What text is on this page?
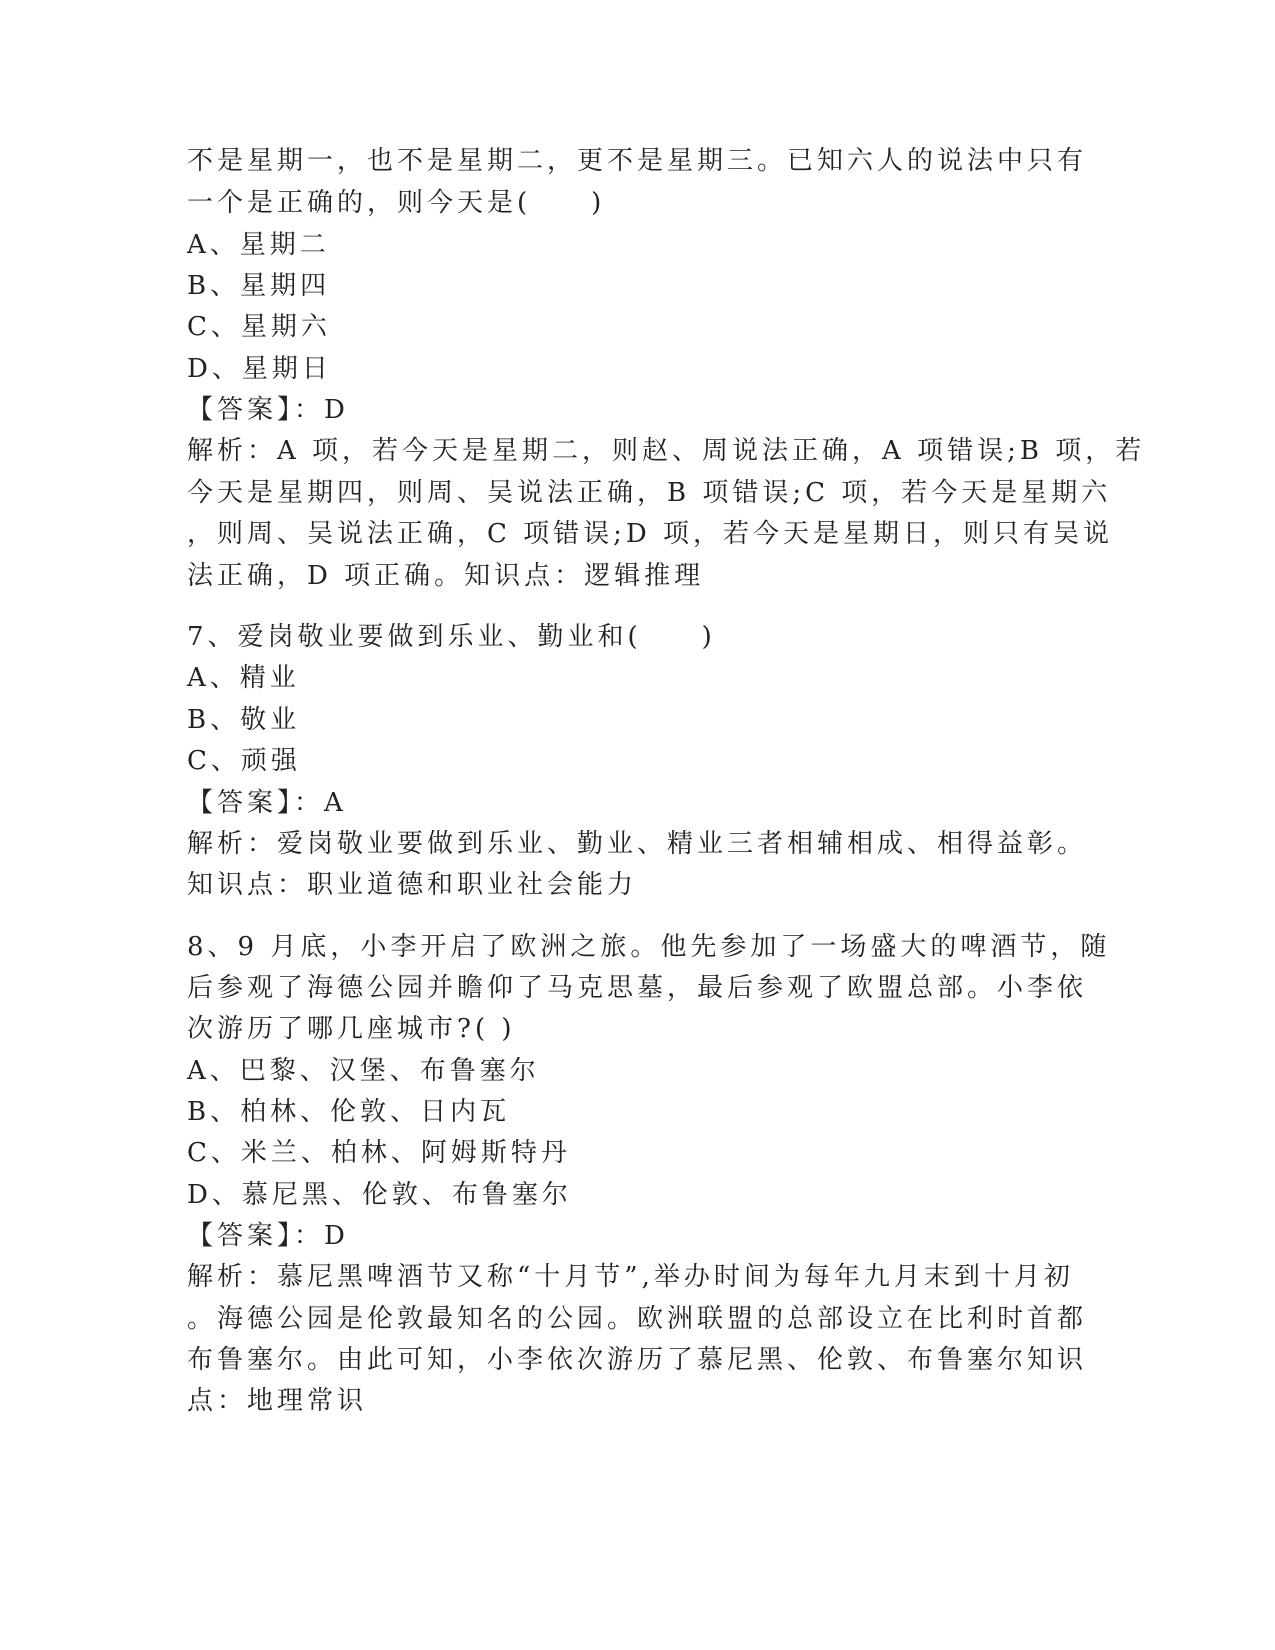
不是星期一，也不是星期二，更不是星期三。已知六人的说法中只有
一个是正确的，则今天是(　　)
A、星期二
B、星期四
C、星期六
D、星期日
【答案】：D
解析：A 项，若今天是星期二，则赵、周说法正确，A 项错误;B 项，若
今天是星期四，则周、吴说法正确，B 项错误;C 项，若今天是星期六
，则周、吴说法正确，C 项错误;D 项，若今天是星期日，则只有吴说
法正确，D 项正确。知识点：逻辑推理
7、爱岗敬业要做到乐业、勤业和(　　)
A、精业
B、敬业
C、顽强
【答案】：A
解析：爱岗敬业要做到乐业、勤业、精业三者相辅相成、相得益彰。
知识点：职业道德和职业社会能力
8、9 月底，小李开启了欧洲之旅。他先参加了一场盛大的啤酒节，随
后参观了海德公园并瞻仰了马克思墓，最后参观了欧盟总部。小李依
次游历了哪几座城市?( )
A、巴黎、汉堡、布鲁塞尔
B、柏林、伦敦、日内瓦
C、米兰、柏林、阿姆斯特丹
D、慕尼黑、伦敦、布鲁塞尔
【答案】：D
解析：慕尼黑啤酒节又称“十月节”,举办时间为每年九月末到十月初
。海德公园是伦敦最知名的公园。欧洲联盟的总部设立在比利时首都
布鲁塞尔。由此可知，小李依次游历了慕尼黑、伦敦、布鲁塞尔知识
点：地理常识
